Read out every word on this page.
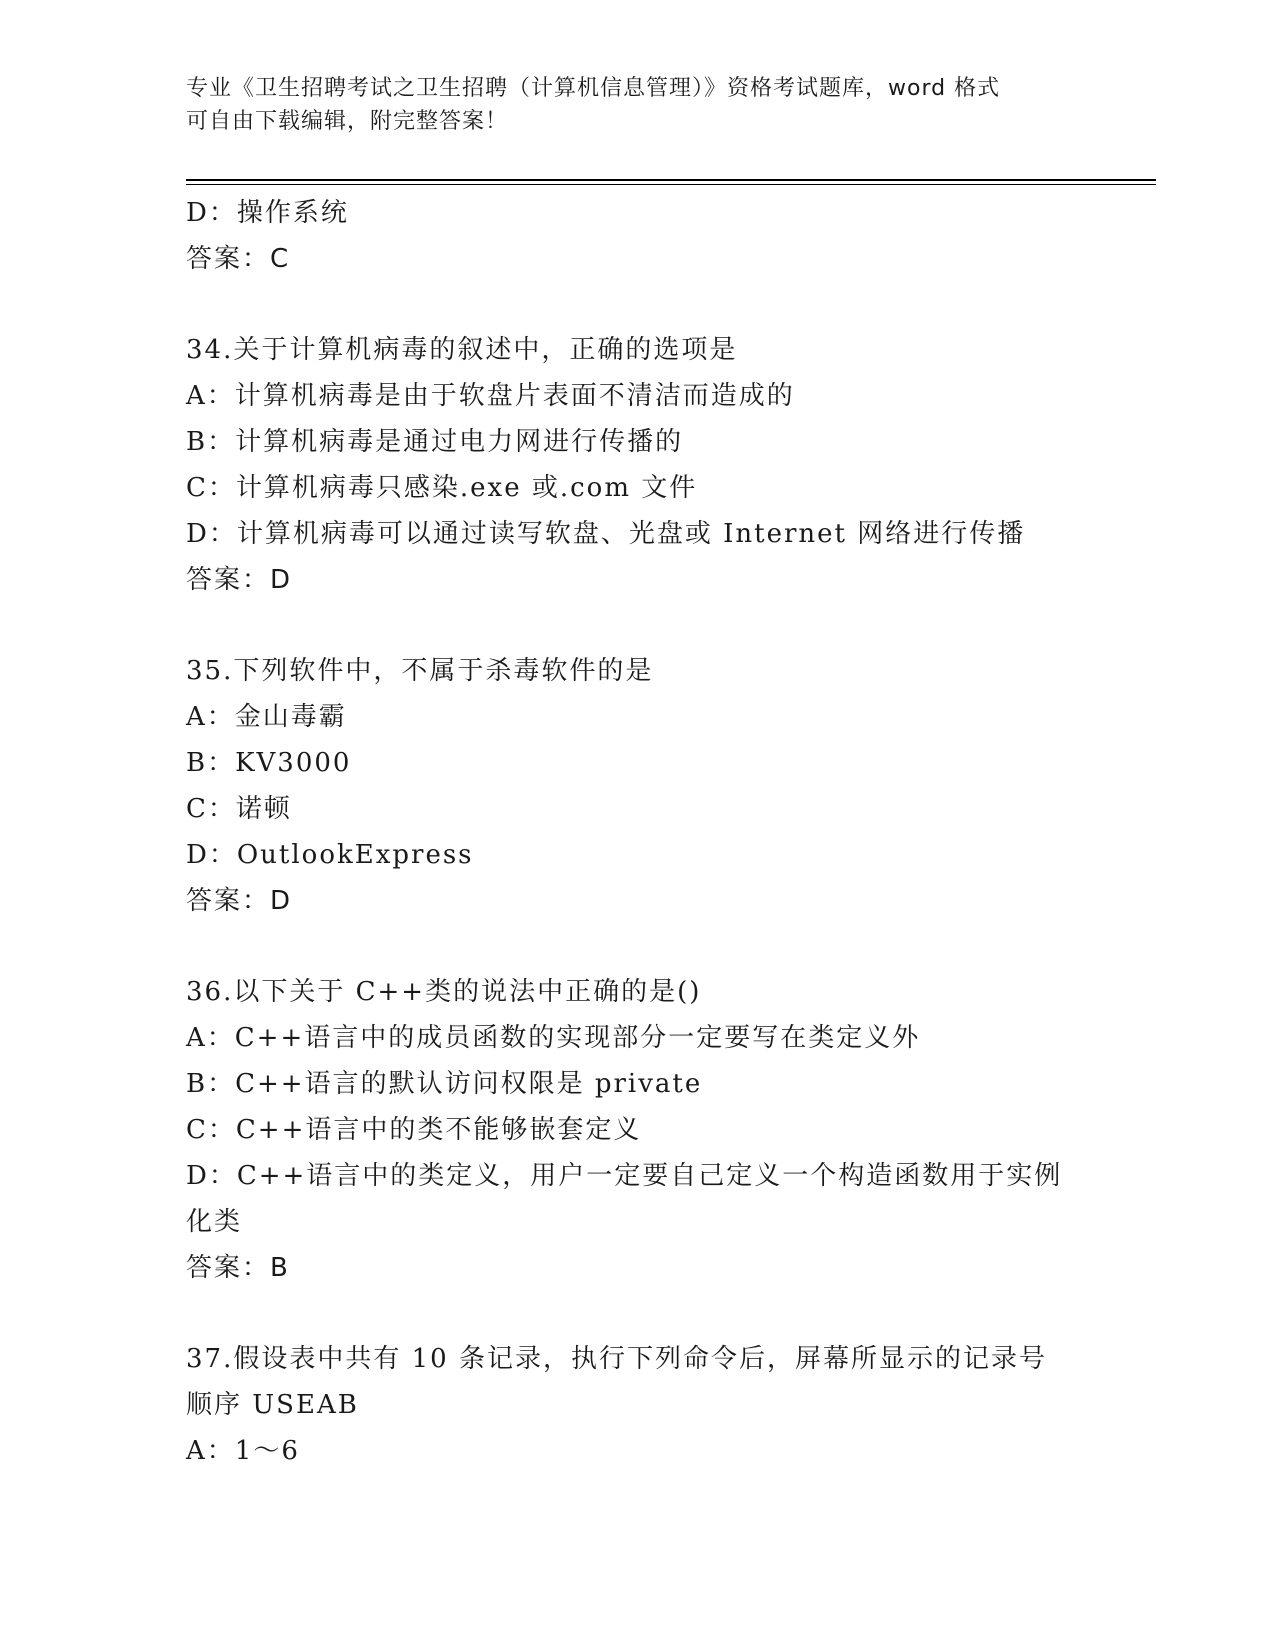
专业《卫生招聘考试之卫生招聘（计算机信息管理）》资格考试题库，word 格式
可自由下载编辑，附完整答案！
D：操作系统
答案：C
34.关于计算机病毒的叙述中，正确的选项是
A：计算机病毒是由于软盘片表面不清洁而造成的
B：计算机病毒是通过电力网进行传播的
C：计算机病毒只感染.exe 或.com 文件
D：计算机病毒可以通过读写软盘、光盘或 Internet 网络进行传播
答案：D
35.下列软件中，不属于杀毒软件的是
A：金山毒霸
B：KV3000
C：诺顿
D：OutlookExpress
答案：D
36.以下关于 C++类的说法中正确的是()
A：C++语言中的成员函数的实现部分一定要写在类定义外
B：C++语言的默认访问权限是 private
C：C++语言中的类不能够嵌套定义
D：C++语言中的类定义，用户一定要自己定义一个构造函数用于实例
化类
答案：B
37.假设表中共有 10 条记录，执行下列命令后，屏幕所显示的记录号
顺序 USEAB
A：1～6
